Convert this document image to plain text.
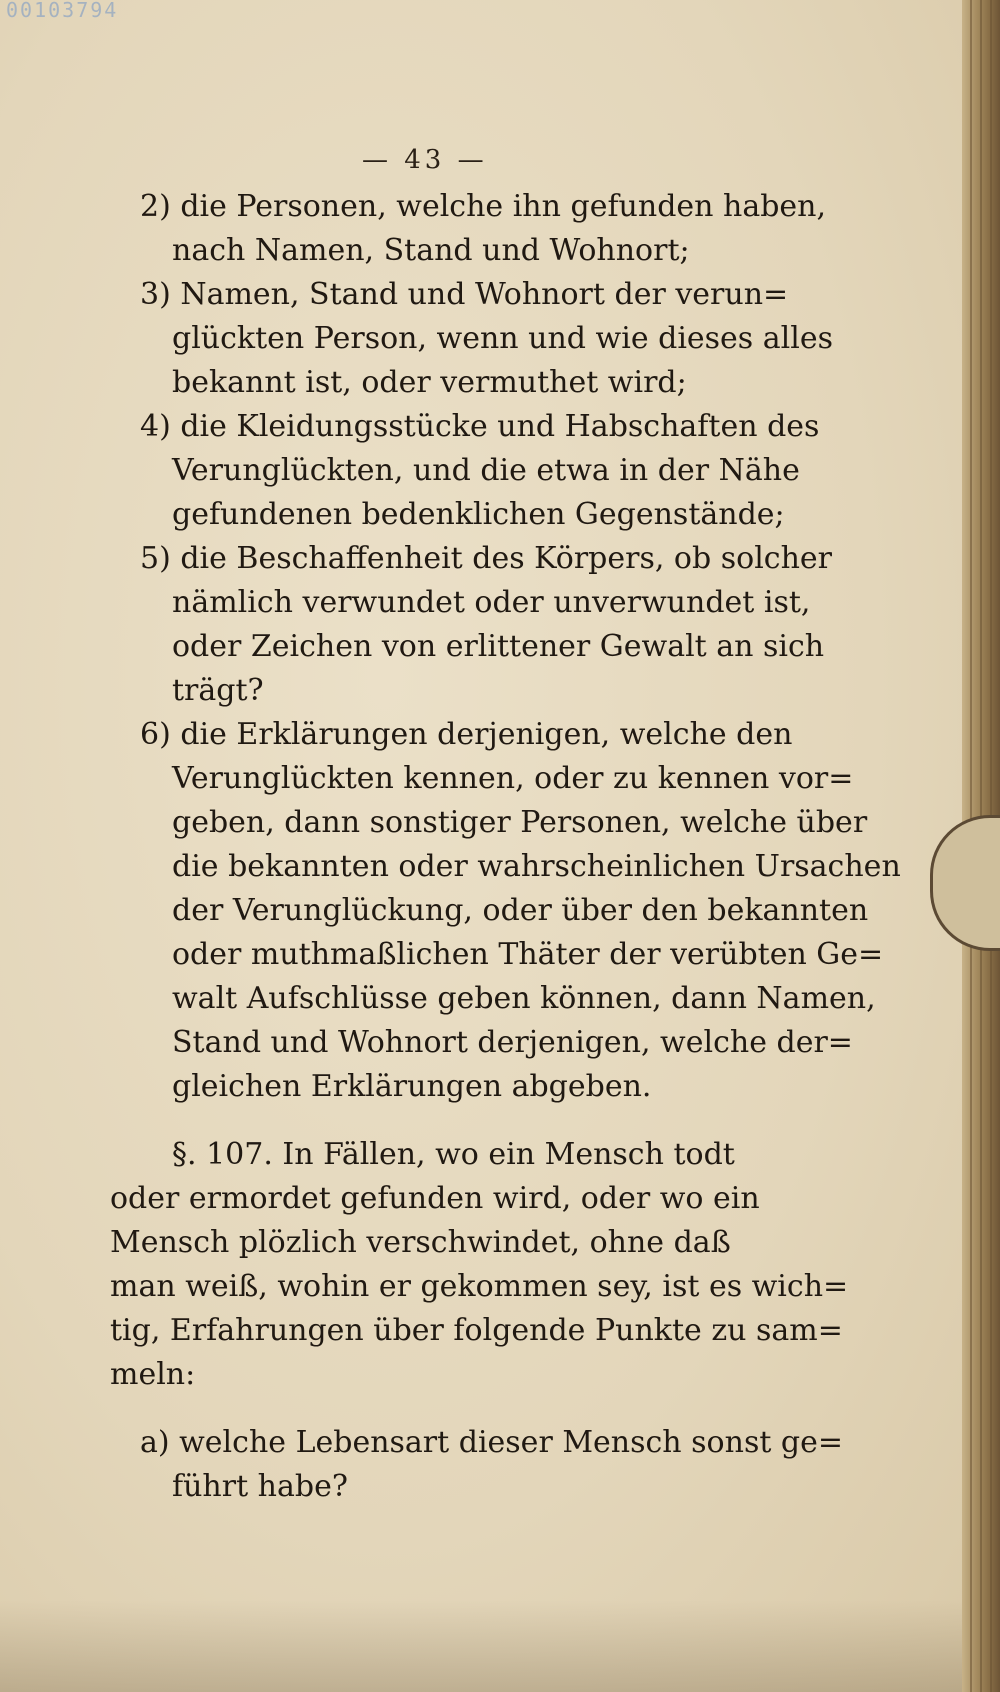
00103794
— 43 —
2) die Personen, welche ihn gefunden haben,
nach Namen, Stand und Wohnort;
3) Namen, Stand und Wohnort der verun=
glückten Person, wenn und wie dieses alles
bekannt ist, oder vermuthet wird;
4) die Kleidungsstücke und Habschaften des
Verunglückten, und die etwa in der Nähe
gefundenen bedenklichen Gegenstände;
5) die Beschaffenheit des Körpers, ob solcher
nämlich verwundet oder unverwundet ist,
oder Zeichen von erlittener Gewalt an sich
trägt?
6) die Erklärungen derjenigen, welche den
Verunglückten kennen, oder zu kennen vor=
geben, dann sonstiger Personen, welche über
die bekannten oder wahrscheinlichen Ursachen
der Verunglückung, oder über den bekannten
oder muthmaßlichen Thäter der verübten Ge=
walt Aufschlüsse geben können, dann Namen,
Stand und Wohnort derjenigen, welche der=
gleichen Erklärungen abgeben.
§. 107. In Fällen, wo ein Mensch todt
oder ermordet gefunden wird, oder wo ein
Mensch plözlich verschwindet, ohne daß
man weiß, wohin er gekommen sey, ist es wich=
tig, Erfahrungen über folgende Punkte zu sam=
meln:
a) welche Lebensart dieser Mensch sonst ge=
führt habe?
